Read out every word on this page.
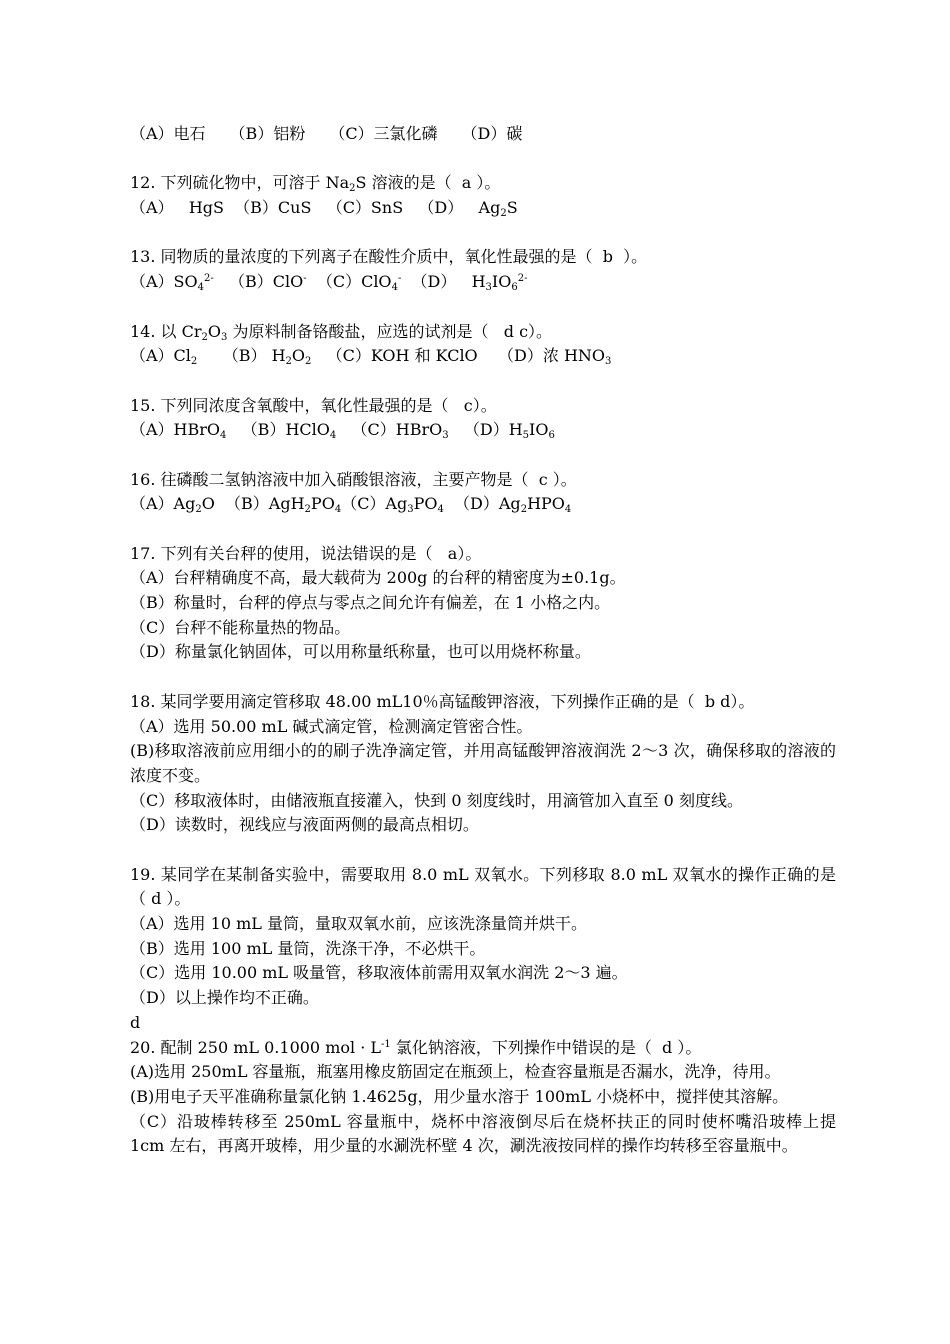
（A）电石　　（B）铝粉　　（C）三氯化磷　　（D）碳
12. 下列硫化物中，可溶于 $Na_2S$ 溶液的是（  a ）。
（A）   HgS  （B）CuS   （C）SnS   （D）   $Ag_2S$
13. 同物质的量浓度的下列离子在酸性介质中，氧化性最强的是（  b  ）。
$(A)SO_4^{2-}$   （B）ClO-  （C）ClO$_4$-  （D）   $H_3IO_6^{2-}$
14. 以 $Cr_2O_3$ 为原料制备铬酸盐，应选的试剂是（   d c）。
$(A)Cl_2$     （B） $H_2O_2$   （C）KOH 和 KClO    （D）浓 $HNO_3$
15. 下列同浓度含氧酸中，氧化性最强的是（   c）。
（A）HBrO$_4$   （B）HClO$_4$   （C）HBrO$_3$   $(D)H_5IO_6$
16. 往磷酸二氢钠溶液中加入硝酸银溶液，主要产物是（  c ）。
$(A)Ag_2O$  $(B)AgH_2PO_4(C)Ag_3PO_4$  $(D)Ag_2HPO_4$
17. 下列有关台秤的使用，说法错误的是（   a）。
（A）台秤精确度不高，最大载荷为 200g 的台秤的精密度为±0.1g。
（B）称量时，台秤的停点与零点之间允许有偏差，在 1 小格之内。
（C）台秤不能称量热的物品。
（D）称量氯化钠固体，可以用称量纸称量，也可以用烧杯称量。
18. 某同学要用滴定管移取 48.00 mL10％高锰酸钾溶液，下列操作正确的是（  b d）。
（A）选用 50.00 mL 碱式滴定管，检测滴定管密合性。
(B)移取溶液前应用细小的的刷子洗净滴定管，并用高锰酸钾溶液润洗 2～3 次，确保移取的溶液的浓度不变。
（C）移取液体时，由储液瓶直接灌入，快到 0 刻度线时，用滴管加入直至 0 刻度线。
（D）读数时，视线应与液面两侧的最高点相切。
19. 某同学在某制备实验中，需要取用 8.0 mL 双氧水。下列移取 8.0 mL 双氧水的操作正确的是（ d ）。
（A）选用 10 mL 量筒，量取双氧水前，应该洗涤量筒并烘干。
（B）选用 100 mL 量筒，洗涤干净，不必烘干。
（C）选用 10.00 mL 吸量管，移取液体前需用双氧水润洗 2～3 遍。
（D）以上操作均不正确。
d
20. 配制 250 mL 0.1000 mol · $L^{-1}$ 氯化钠溶液，下列操作中错误的是（  d ）。
(A)选用 250mL 容量瓶，瓶塞用橡皮筋固定在瓶颈上，检查容量瓶是否漏水，洗净，待用。
(B)用电子天平准确称量氯化钠 1.4625g，用少量水溶于 100mL 小烧杯中，搅拌使其溶解。
（C）沿玻棒转移至 250mL 容量瓶中，烧杯中溶液倒尽后在烧杯扶正的同时使杯嘴沿玻棒上提 1cm 左右，再离开玻棒，用少量的水涮洗杯壁 4 次，涮洗液按同样的操作均转移至容量瓶中。
